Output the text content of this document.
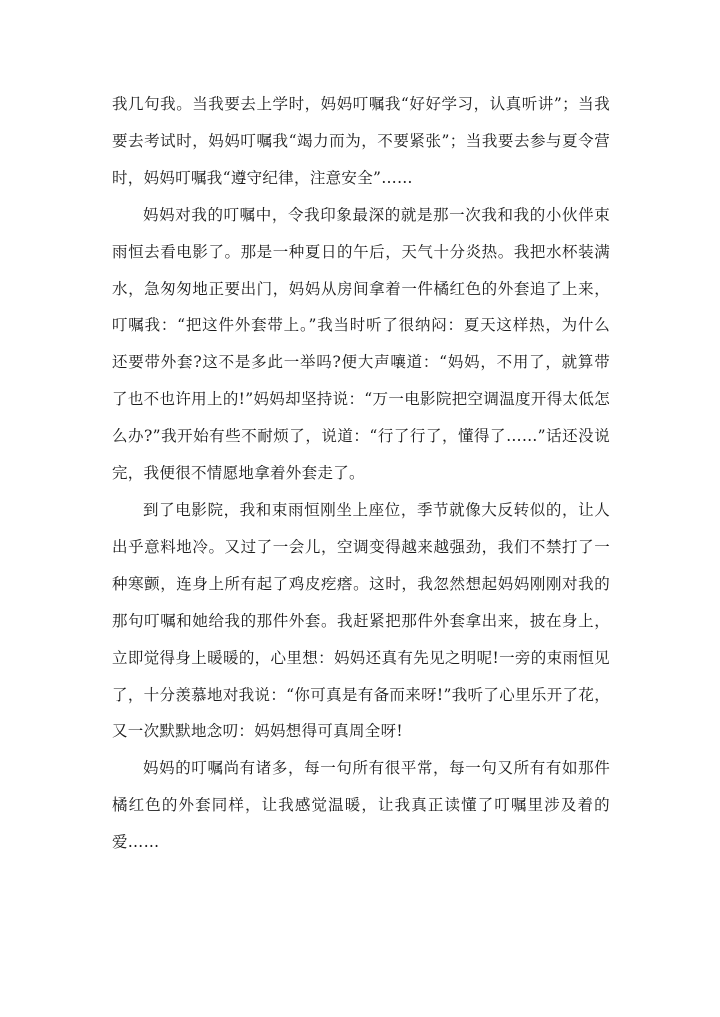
我几句我。当我要去上学时，妈妈叮嘱我“好好学习，认真听讲”；当我要去考试时，妈妈叮嘱我“竭力而为，不要紧张”；当我要去参与夏令营时，妈妈叮嘱我“遵守纪律，注意安全”……

妈妈对我的叮嘱中，令我印象最深的就是那一次我和我的小伙伴束雨恒去看电影了。那是一种夏日的午后，天气十分炎热。我把水杯装满水，急匆匆地正要出门，妈妈从房间拿着一件橘红色的外套追了上来，叮嘱我：“把这件外套带上。”我当时听了很纳闷：夏天这样热，为什么还要带外套?这不是多此一举吗?便大声嚷道：“妈妈，不用了，就算带了也不也许用上的!”妈妈却坚持说：“万一电影院把空调温度开得太低怎么办?”我开始有些不耐烦了，说道：“行了行了，懂得了……”话还没说完，我便很不情愿地拿着外套走了。

到了电影院，我和束雨恒刚坐上座位，季节就像大反转似的，让人出乎意料地冷。又过了一会儿，空调变得越来越强劲，我们不禁打了一种寒颤，连身上所有起了鸡皮疙瘩。这时，我忽然想起妈妈刚刚对我的那句叮嘱和她给我的那件外套。我赶紧把那件外套拿出来，披在身上，立即觉得身上暖暖的，心里想：妈妈还真有先见之明呢!一旁的束雨恒见了，十分羡慕地对我说：“你可真是有备而来呀!”我听了心里乐开了花，又一次默默地念叨：妈妈想得可真周全呀!

妈妈的叮嘱尚有诸多，每一句所有很平常，每一句又所有有如那件橘红色的外套同样，让我感觉温暖，让我真正读懂了叮嘱里涉及着的爱……
